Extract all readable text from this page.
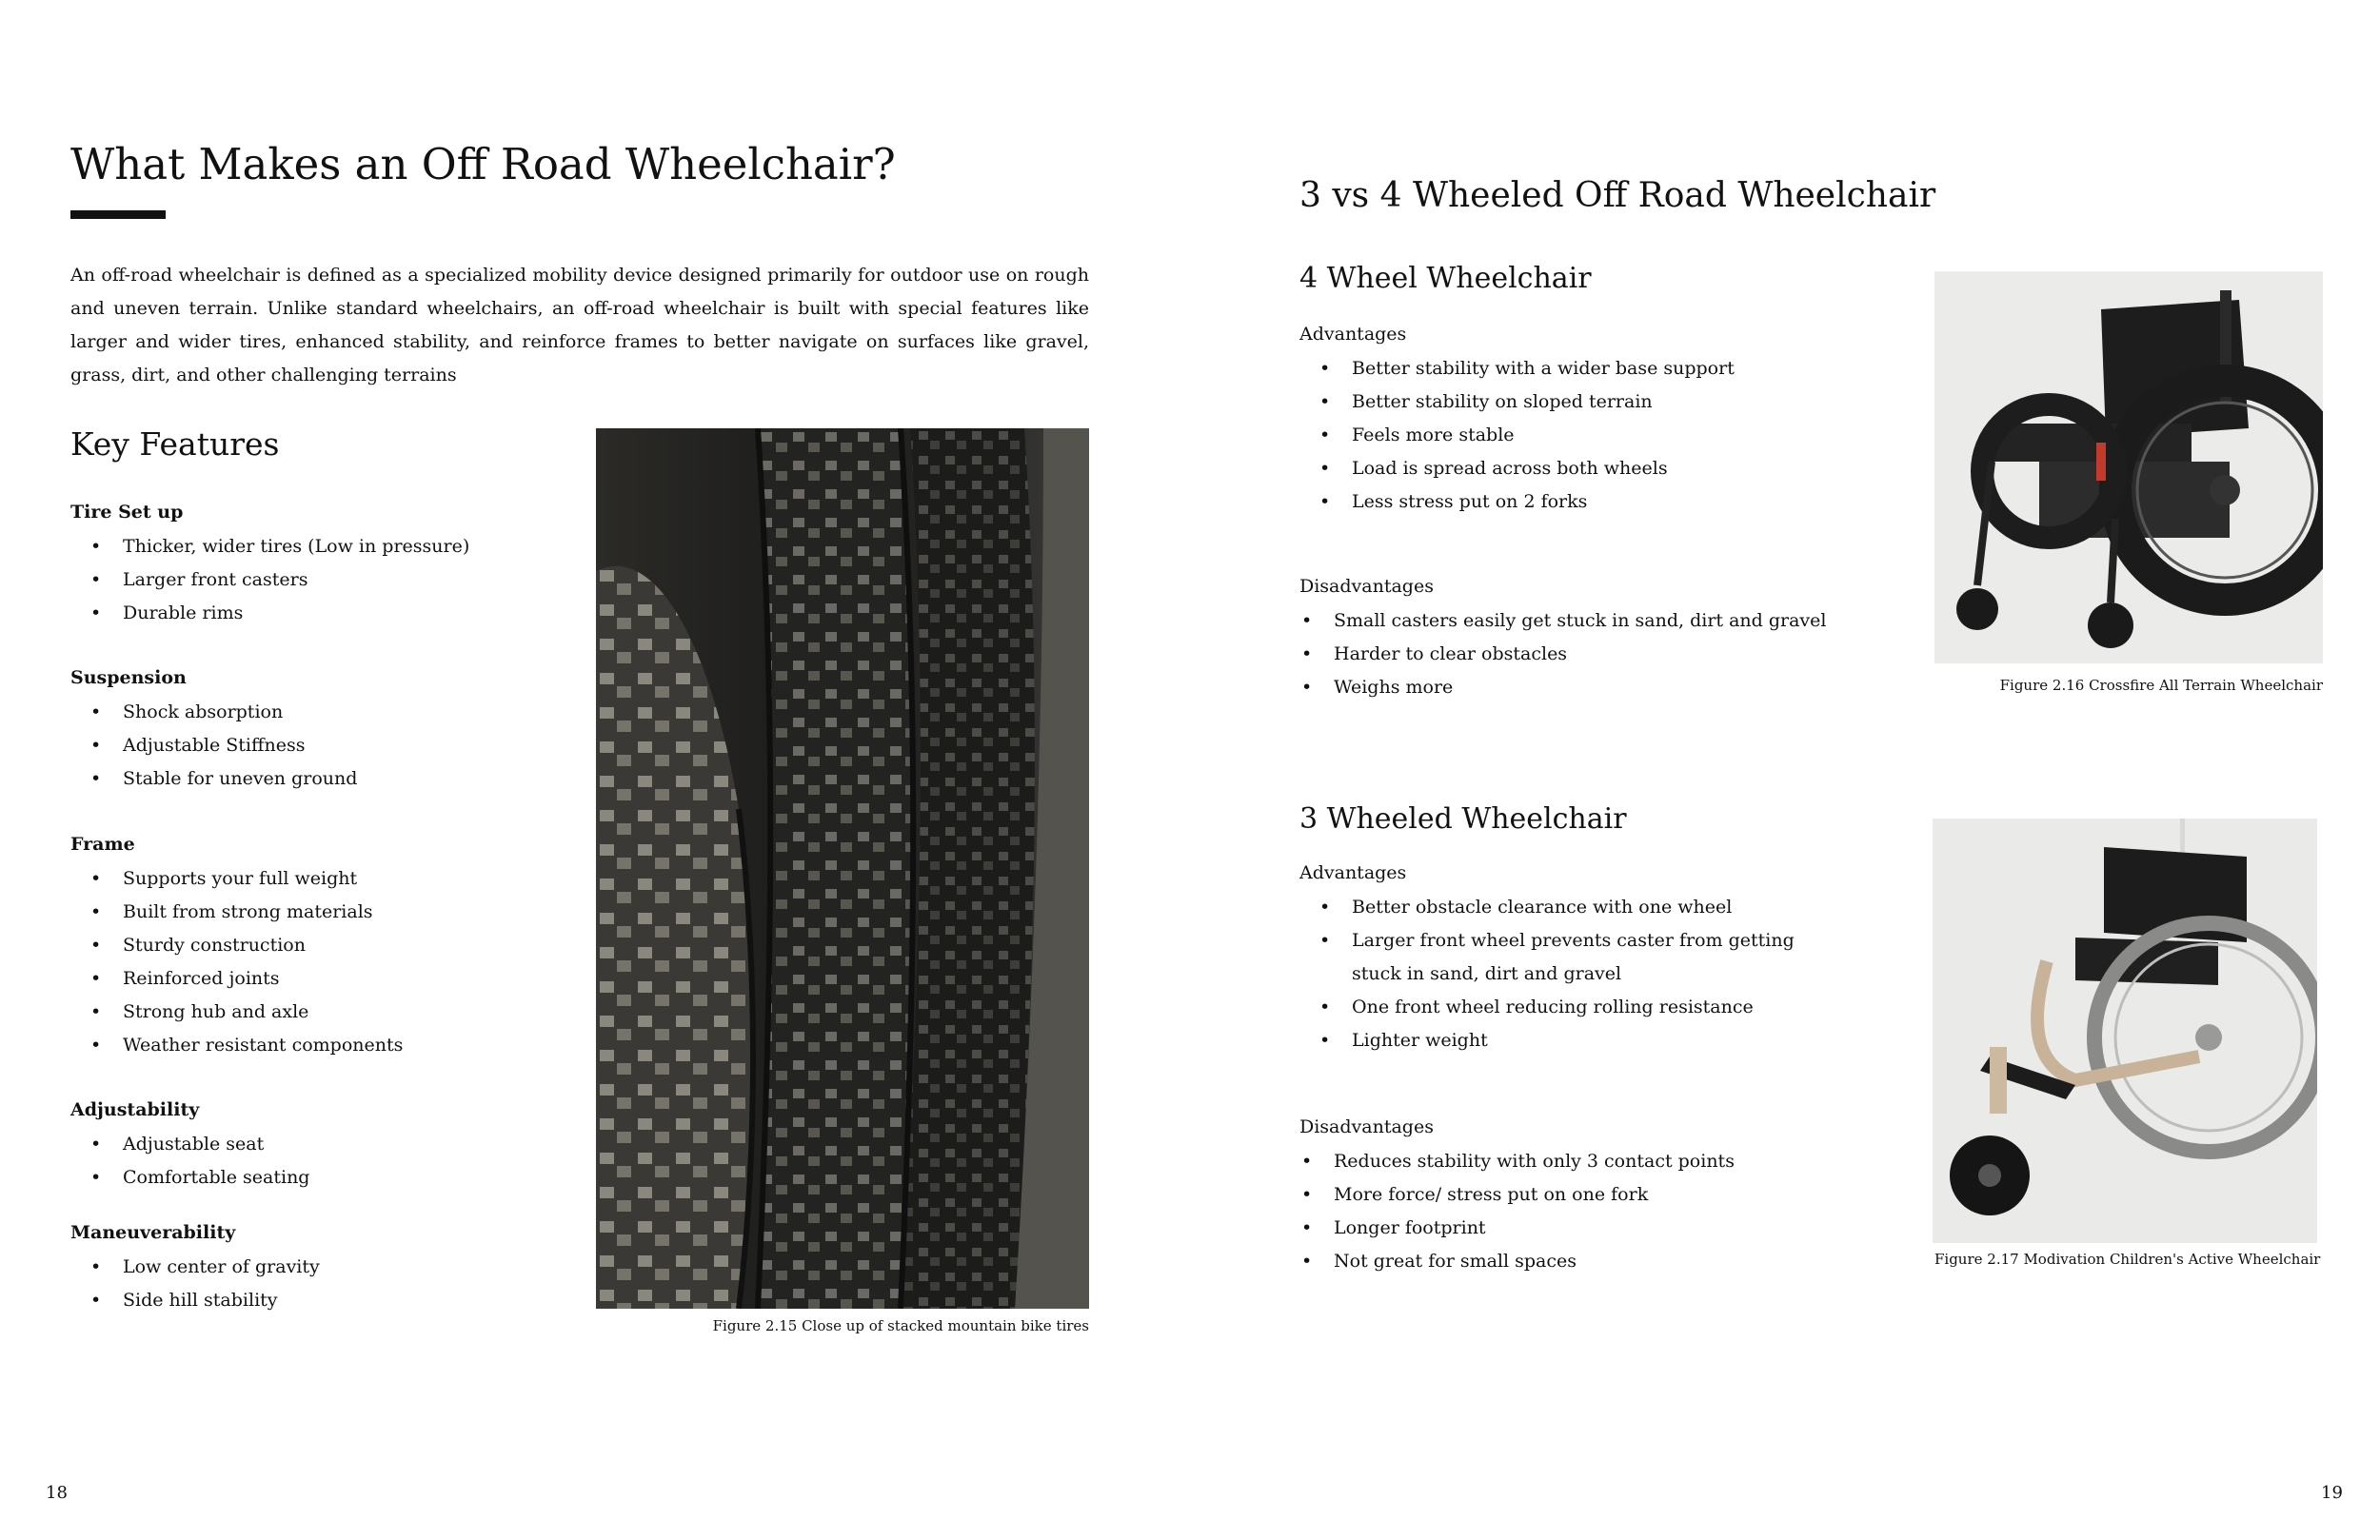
What Makes an Off Road Wheelchair?

An off-road wheelchair is defined as a specialized mobility device designed primarily for outdoor use on rough and uneven terrain. Unlike standard wheelchairs, an off-road wheelchair is built with special features like larger and wider tires, enhanced stability, and reinforce frames to better navigate on surfaces like gravel, grass, dirt, and other challenging terrains

Key Features
Tire Set up
• Thicker, wider tires (Low in pressure)
• Larger front casters
• Durable rims
Suspension
• Shock absorption
• Adjustable Stiffness
• Stable for uneven ground
Frame
• Supports your full weight
• Built from strong materials
• Sturdy construction
• Reinforced joints
• Strong hub and axle
• Weather resistant components
Adjustability
• Adjustable seat
• Comfortable seating
Maneuverability
• Low center of gravity
• Side hill stability
Figure 2.15 Close up of stacked mountain bike tires
18
3 vs 4 Wheeled Off Road Wheelchair
4 Wheel Wheelchair
Advantages
• Better stability with a wider base support
• Better stability on sloped terrain
• Feels more stable
• Load is spread across both wheels
• Less stress put on 2 forks
Disadvantages
• Small casters easily get stuck in sand, dirt and gravel
• Harder to clear obstacles
• Weighs more	Figure 2.16 Crossfire All Terrain Wheelchair
3 Wheeled Wheelchair
Advantages
• Better obstacle clearance with one wheel
• Larger front wheel prevents caster from getting stuck in sand, dirt and gravel
• One front wheel reducing rolling resistance
• Lighter weight
Disadvantages
• Reduces stability with only 3 contact points
• More force/ stress put on one fork
• Longer footprint
• Not great for small spaces	Figure 2.17 Modivation Children's Active Wheelchair
19
